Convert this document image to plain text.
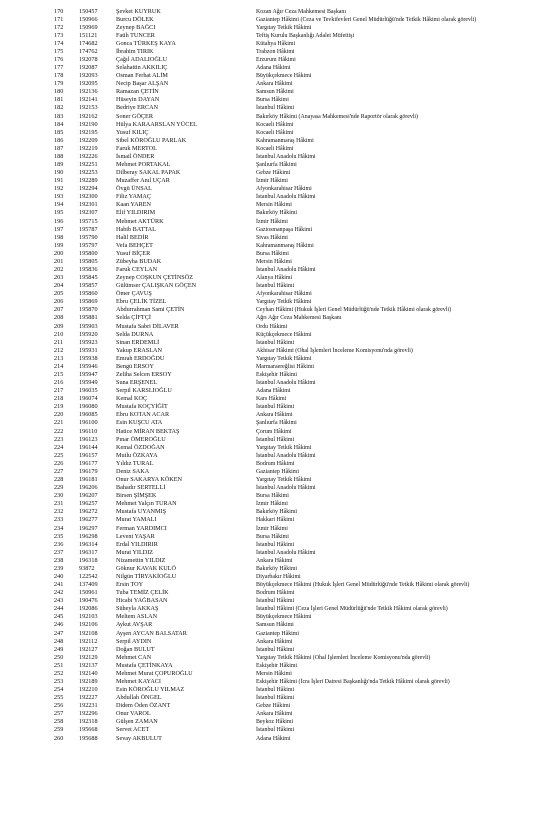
170	150457	Şevket KUYRUK	Kozan Ağır Ceza Mahkemesi Başkanı
171	150966	Burcu DÖLEK	Gaziantep Hâkimi (Ceza ve Tevkifevleri Genel Müdürlüğü'nde Tetkik Hâkimi olarak görevli)
172	150969	Zeynep BAĞCI	Yargıtay Tetkik Hâkimi
173	151121	Fatih TUNCER	Teftiş Kurulu Başkanlığı Adalet Müfettişi
174	174682	Gonca TÜRKEŞ KAYA	Kütahya Hâkimi
175	174762	İbrahim TIRIK	Trabzon Hâkimi
176	192078	Çağıl ADALIOĞLU	Erzurum Hâkimi
177	192087	Selahattin AKKILIÇ	Adana Hâkimi
178	192093	Osman Ferhat ALİM	Büyükçekmece Hâkimi
179	192095	Necip Başar ALŞAN	Ankara Hâkimi
180	192136	Ramazan ÇETİN	Samsun Hâkimi
181	192141	Hüseyin DAYAN	Bursa Hâkimi
182	192153	Bedriye ERCAN	İstanbul Hâkimi
183	192162	Soner GÖÇER	Bakırköy Hâkimi (Anayasa Mahkemesi'nde Raportör olarak görevli)
184	192190	Hülya KARAARSLAN YÜCEL	Kocaeli Hâkimi
185	192195	Yusuf KILIÇ	Kocaeli Hâkimi
186	192209	Sibel KÖROĞLU PARLAK	Kahramanmaraş Hâkimi
187	192219	Faruk MERTOL	Kocaeli Hâkimi
188	192226	İsmail ÖNDER	İstanbul Anadolu Hâkimi
189	192251	Mehmet PORTAKAL	Şanlıurfa Hâkimi
190	192253	Dilberay SAKAL PAPAK	Gebze Hâkimi
191	192289	Muzaffer Anıl UÇAR	İzmir Hâkimi
192	192294	Övgü ÜNSAL	Afyonkarahisar Hâkimi
193	192300	Filiz YAMAÇ	İstanbul Anadolu Hâkimi
194	192301	Kaan YAREN	Mersin Hâkimi
195	192307	Elif YILDIRIM	Bakırköy Hâkimi
196	195715	Mehmet AKTÜRK	İzmir Hâkimi
197	195787	Habib BATTAL	Gaziosmanpaşa Hâkimi
198	195790	Halil BEDİR	Sivas Hâkimi
199	195797	Vefa BEHÇET	Kahramanmaraş Hâkimi
200	195800	Yusuf BİÇER	Bursa Hâkimi
201	195805	Zübeyha BUDAK	Mersin Hâkimi
202	195836	Faruk CEYLAN	İstanbul Anadolu Hâkimi
203	195845	Zeynep COŞKUN ÇETİNSÖZ	Alanya Hâkimi
204	195857	Gülümser ÇALIŞKAN GÖÇEN	İstanbul Hâkimi
205	195860	Ömer ÇAVUŞ	Afyonkarahisar Hâkimi
206	195869	Ebru ÇELİK TİZEL	Yargıtay Tetkik Hâkimi
207	195870	Abdurrahman Sami ÇETİN	Ceyhan Hâkimi (Hukuk İşleri Genel Müdürlüğü'nde Tetkik Hâkimi olarak görevli)
208	195881	Selda ÇİFTÇİ	Ağrı Ağır Ceza Mahkemesi Başkanı
209	195903	Mustafa Sabri DİLAVER	Ordu Hâkimi
210	195920	Selda DURNA	Küçükçekmece Hâkimi
211	195923	Sinan ERDEMLİ	İstanbul Hâkimi
212	195931	Yakup ERASLAN	Akhisar Hâkimi (Ohal İşlemleri İnceleme Komisyonu'nda görevli)
213	195938	Emrah ERDOĞDU	Yargıtay Tetkik Hâkimi
214	195946	Bengü ERSOY	Marmaraereğlisi Hâkimi
215	195947	Zeliha Selcen ERSOY	Eskişehir Hâkimi
216	195949	Suna ERŞENEL	İstanbul Anadolu Hâkimi
217	196035	Serpil KARSLIOĞLU	Adana Hâkimi
218	196074	Kemal KOÇ	Kars Hâkimi
219	196080	Mustafa KOÇYİĞİT	İstanbul Hâkimi
220	196085	Ebru KOTAN ACAR	Ankara Hâkimi
221	196100	Esin KUŞCU ATA	Şanlıurfa Hâkimi
222	196110	Hatice MİRAN BEKTAŞ	Çorum Hâkimi
223	196123	Pınar ÖMEROĞLU	İstanbul Hâkimi
224	196144	Kemal ÖZDOĞAN	Yargıtay Tetkik Hâkimi
225	196157	Mutlu ÖZKAYA	İstanbul Anadolu Hâkimi
226	196177	Yıldız TURAL	Bodrum Hâkimi
227	196179	Deniz SAKA	Gaziantep Hâkimi
228	196181	Onur SAKARYA KÖKEN	Yargıtay Tetkik Hâkimi
229	196206	Bahadır SERTELLİ	İstanbul Anadolu Hâkimi
230	196207	Birsen ŞİMŞEK	Bursa Hâkimi
231	196257	Mehmet Yalçın TURAN	İzmir Hâkimi
232	196272	Mustafa UYANMIŞ	Bakırköy Hâkimi
233	196277	Murat YAMALI	Hakkari Hâkimi
234	196297	Ferman YARDIMCI	İzmir Hâkimi
235	196298	Levent YAŞAR	Bursa Hâkimi
236	196314	Erdal YILDIRIR	İstanbul Hâkimi
237	196317	Murat YILDIZ	İstanbul Anadolu Hâkimi
238	196318	Nizamettin YILDIZ	Ankara Hâkimi
239	93872	Göknur KAVAK KULÖ	Bakırköy Hâkimi
240	122542	Nilgün TİRYAKİOĞLU	Diyarbakır Hâkimi
241	137409	Ersin TOY	Büyükçekmece Hâkimi (Hukuk İşleri Genel Müdürlüğü'nde Tetkik Hâkimi olarak görevli)
242	150961	Tuba TEMİZ ÇELİK	Bodrum Hâkimi
243	190476	Hicabi YAĞBASAN	İstanbul Hâkimi
244	192086	Süheyla AKKAŞ	İstanbul Hâkimi (Ceza İşleri Genel Müdürlüğü'nde Tetkik Hâkimi olarak görevli)
245	192103	Meltem ASLAN	Büyükçekmece Hâkimi
246	192106	Aykut AVŞAR	Samsun Hâkimi
247	192108	Ayşen AYCAN BALSATAR	Gaziantep Hâkimi
248	192112	Serpil AYDIN	Ankara Hâkimi
249	192127	Doğan BULUT	İstanbul Hâkimi
250	192129	Mehmet CAN	Yargıtay Tetkik Hâkimi (Ohal İşlemleri İnceleme Komisyonu'nda görevli)
251	192137	Mustafa ÇETİNKAYA	Eskişehir Hâkimi
252	192140	Mehmet Murat ÇOPUROĞLU	Mersin Hâkimi
253	192189	Mehmet KAYACI	Eskişehir Hâkimi (İcra İşleri Dairesi Başkanlığı'nda Tetkik Hâkimi olarak görevli)
254	192210	Esin KÖROĞLU YILMAZ	İstanbul Hâkimi
255	192227	Abdullah ÖNGEL	İstanbul Hâkimi
256	192231	Didem Öden ÖZANT	Gebze Hâkimi
257	192296	Onur VAROL	Ankara Hâkimi
258	192318	Gülşen ZAMAN	Beykoz Hâkimi
259	195668	Servet ACET	İstanbul Hâkimi
260	195688	Sevay AKBULUT	Adana Hâkimi
